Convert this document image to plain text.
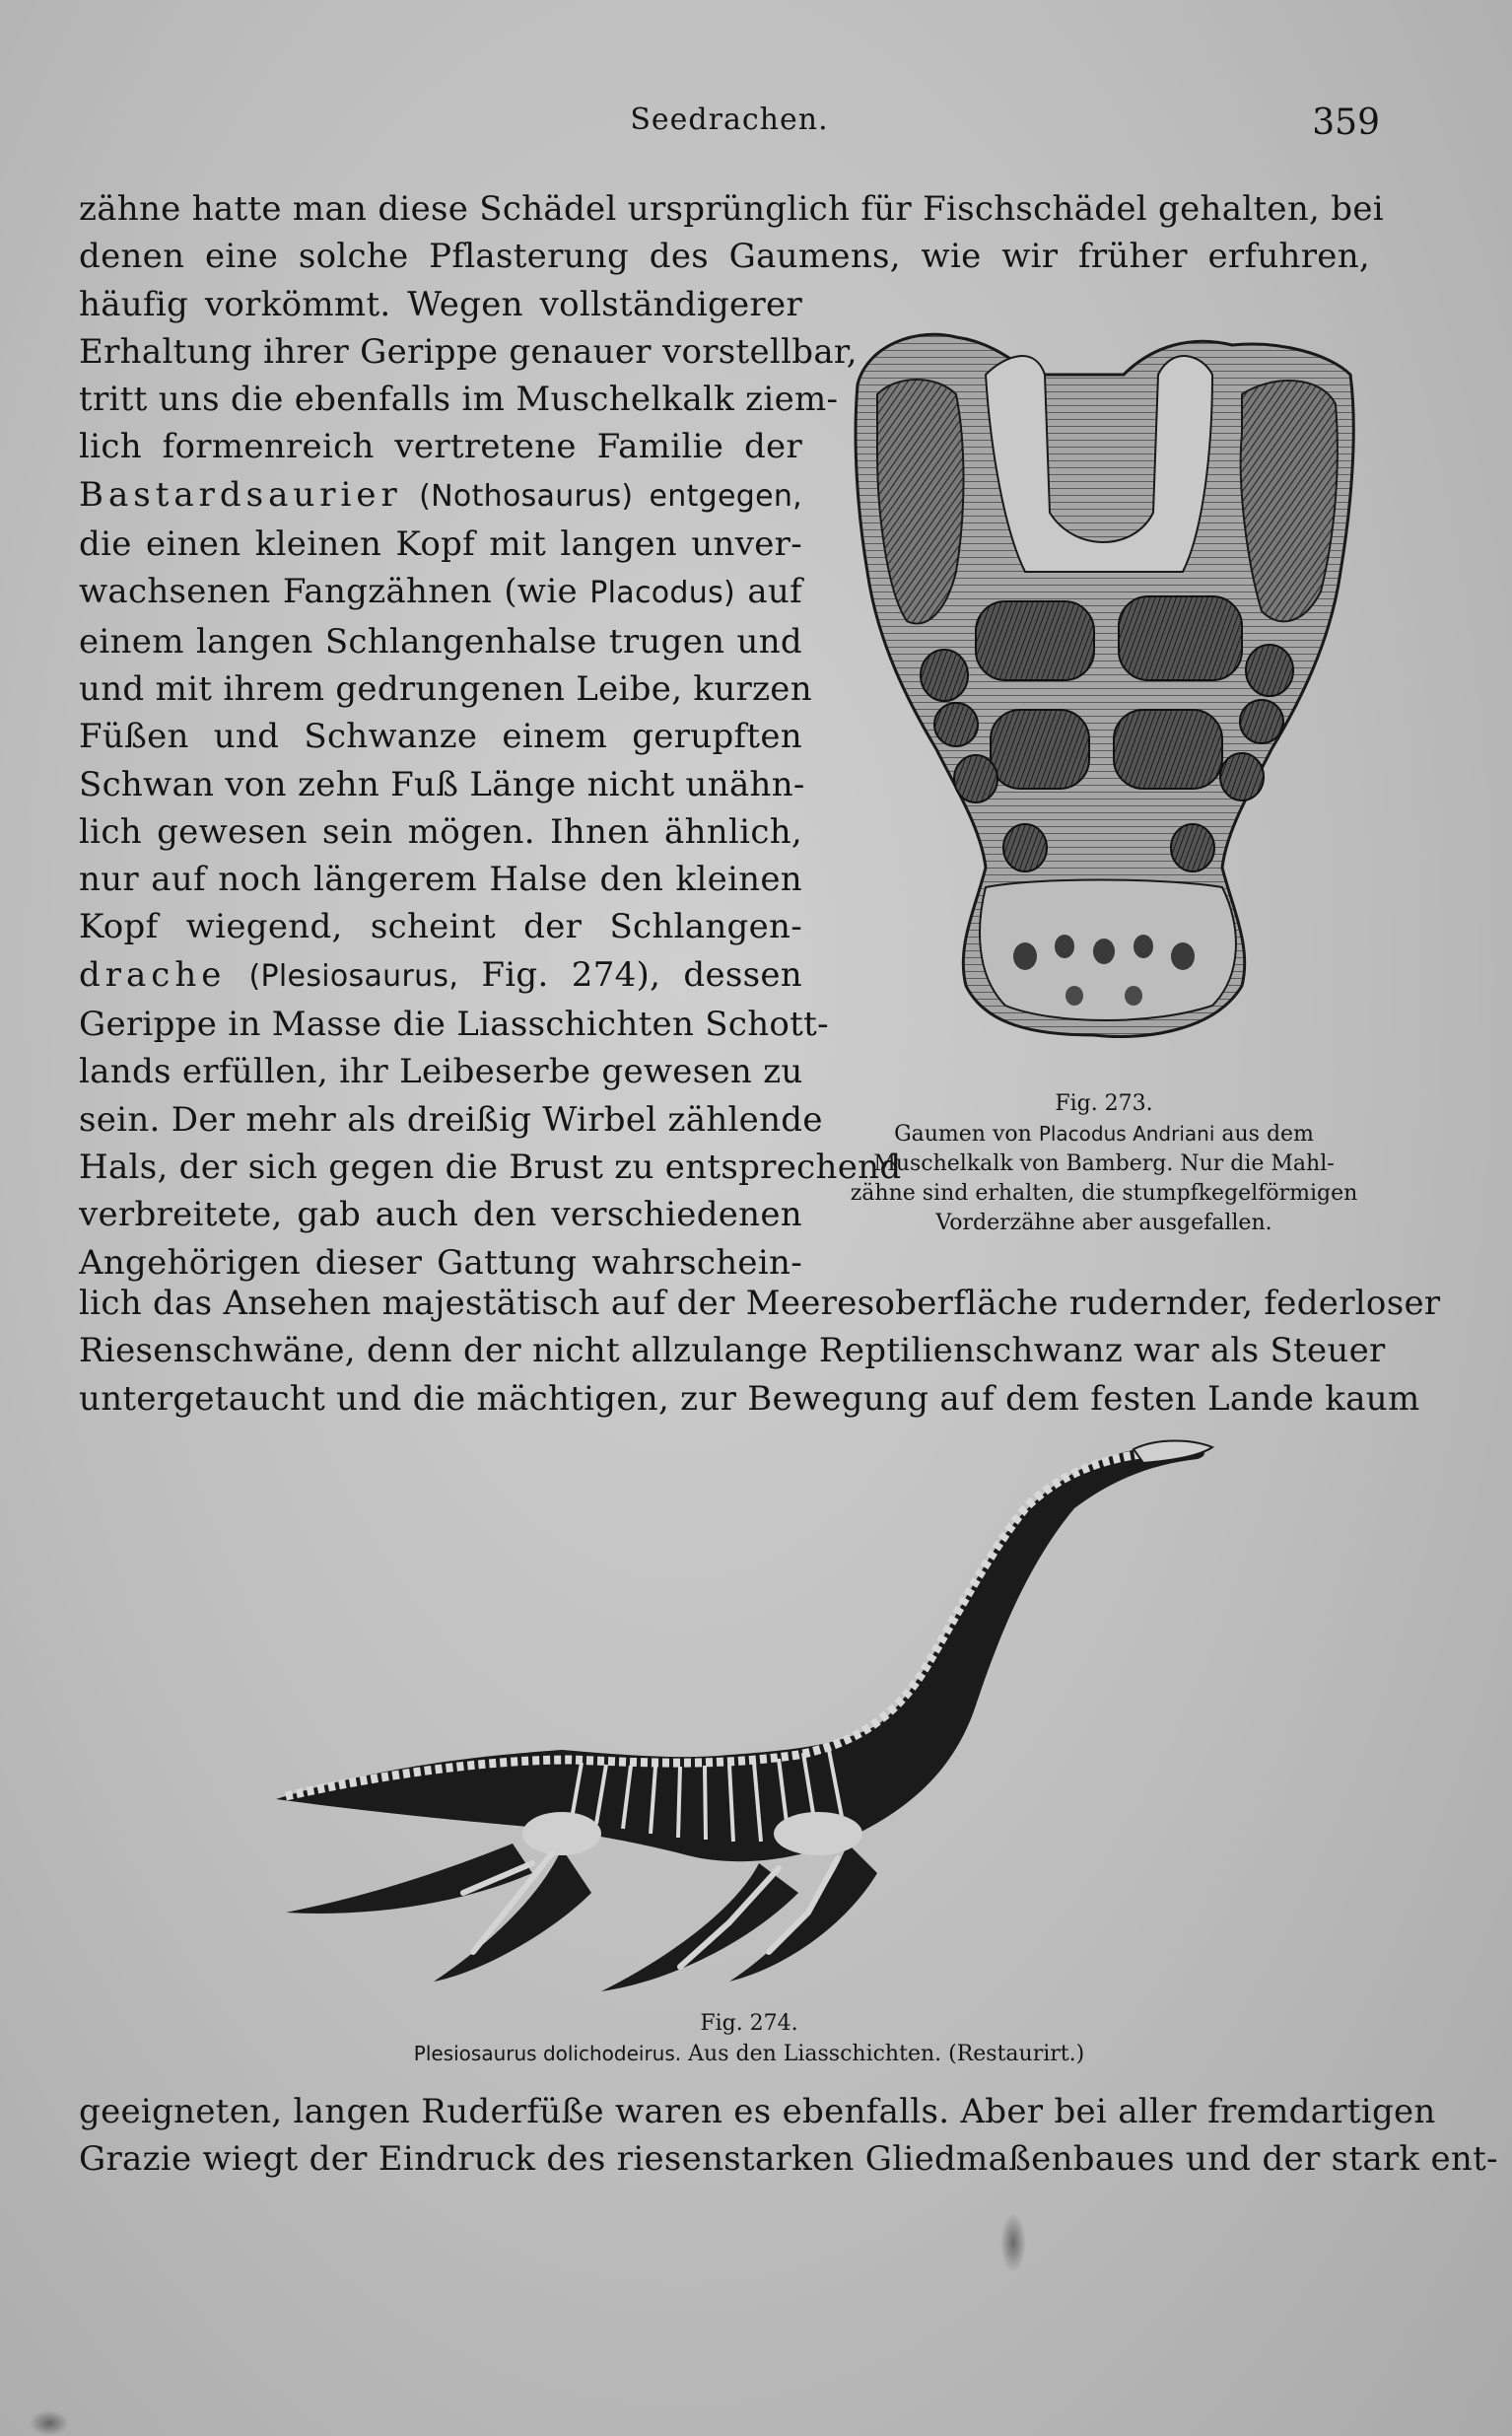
Seedrachen.	359
zähne hatte man diese Schädel ursprünglich für Fischschädel gehalten, bei
denen eine solche Pflasterung des Gaumens, wie wir früher erfuhren,
häufig vorkömmt. Wegen vollständigerer
Erhaltung ihrer Gerippe genauer vorstellbar,
tritt uns die ebenfalls im Muschelkalk ziem-
lich formenreich vertretene Familie der
Bastardsaurier (Nothosaurus) entgegen,
die einen kleinen Kopf mit langen unver-
wachsenen Fangzähnen (wie Placodus) auf
einem langen Schlangenhalse trugen und
und mit ihrem gedrungenen Leibe, kurzen
Füßen und Schwanze einem gerupften
Schwan von zehn Fuß Länge nicht unähn-
lich gewesen sein mögen. Ihnen ähnlich,
nur auf noch längerem Halse den kleinen
Kopf wiegend, scheint der Schlangen-
drache (Plesiosaurus, Fig. 274), dessen
Gerippe in Masse die Liasschichten Schott-
lands erfüllen, ihr Leibeserbe gewesen zu
sein. Der mehr als dreißig Wirbel zählende
Hals, der sich gegen die Brust zu entsprechend
verbreitete, gab auch den verschiedenen
Angehörigen dieser Gattung wahrschein-
lich das Ansehen majestätisch auf der Meeresoberfläche rudernder, federloser
Riesenschwäne, denn der nicht allzulange Reptilienschwanz war als Steuer
untergetaucht und die mächtigen, zur Bewegung auf dem festen Lande kaum
Fig. 273.
Gaumen von Placodus Andriani aus dem
Muschelkalk von Bamberg. Nur die Mahl-
zähne sind erhalten, die stumpfkegelförmigen
Vorderzähne aber ausgefallen.
Fig. 274.
Plesiosaurus dolichodeirus. Aus den Liasschichten. (Restaurirt.)
geeigneten, langen Ruderfüße waren es ebenfalls. Aber bei aller fremdartigen
Grazie wiegt der Eindruck des riesenstarken Gliedmaßenbaues und der stark ent-
